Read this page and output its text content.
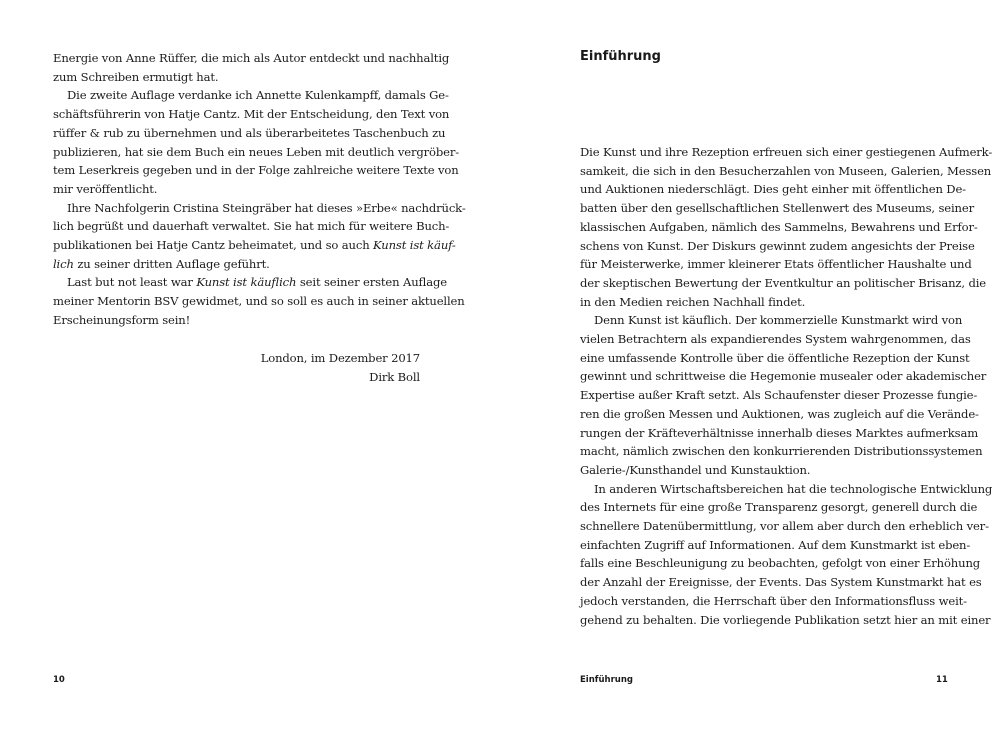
Energie von Anne Rüffer, die mich als Autor entdeckt und nachhaltig
zum Schreiben ermutigt hat.
Die zweite Auflage verdanke ich Annette Kulenkampff, damals Ge-
schäftsführerin von Hatje Cantz. Mit der Entscheidung, den Text von
rüffer & rub zu übernehmen und als überarbeitetes Taschenbuch zu
publizieren, hat sie dem Buch ein neues Leben mit deutlich vergröber-
tem Leserkreis gegeben und in der Folge zahlreiche weitere Texte von
mir veröffentlicht.
Ihre Nachfolgerin Cristina Steingräber hat dieses »Erbe« nachdrück-
lich begrüßt und dauerhaft verwaltet. Sie hat mich für weitere Buch-
publikationen bei Hatje Cantz beheimatet, und so auch Kunst ist käuf-
lich zu seiner dritten Auflage geführt.
Last but not least war Kunst ist käuflich seit seiner ersten Auflage
meiner Mentorin BSV gewidmet, und so soll es auch in seiner aktuellen
Erscheinungsform sein!
London, im Dezember 2017
Dirk Boll
10
Einführung
Die Kunst und ihre Rezeption erfreuen sich einer gestiegenen Aufmerk-
samkeit, die sich in den Besucherzahlen von Museen, Galerien, Messen
und Auktionen niederschlägt. Dies geht einher mit öffentlichen De-
batten über den gesellschaftlichen Stellenwert des Museums, seiner
klassischen Aufgaben, nämlich des Sammelns, Bewahrens und Erfor-
schens von Kunst. Der Diskurs gewinnt zudem angesichts der Preise
für Meisterwerke, immer kleinerer Etats öffentlicher Haushalte und
der skeptischen Bewertung der Eventkultur an politischer Brisanz, die
in den Medien reichen Nachhall findet.
Denn Kunst ist käuflich. Der kommerzielle Kunstmarkt wird von
vielen Betrachtern als expandierendes System wahrgenommen, das
eine umfassende Kontrolle über die öffentliche Rezeption der Kunst
gewinnt und schrittweise die Hegemonie musealer oder akademischer
Expertise außer Kraft setzt. Als Schaufenster dieser Prozesse fungie-
ren die großen Messen und Auktionen, was zugleich auf die Verände-
rungen der Kräfteverhältnisse innerhalb dieses Marktes aufmerksam
macht, nämlich zwischen den konkurrierenden Distributionssystemen
Galerie-/Kunsthandel und Kunstauktion.
In anderen Wirtschaftsbereichen hat die technologische Entwicklung
des Internets für eine große Transparenz gesorgt, generell durch die
schnellere Datenübermittlung, vor allem aber durch den erheblich ver-
einfachten Zugriff auf Informationen. Auf dem Kunstmarkt ist eben-
falls eine Beschleunigung zu beobachten, gefolgt von einer Erhöhung
der Anzahl der Ereignisse, der Events. Das System Kunstmarkt hat es
jedoch verstanden, die Herrschaft über den Informationsfluss weit-
gehend zu behalten. Die vorliegende Publikation setzt hier an mit einer
Einführung	11
